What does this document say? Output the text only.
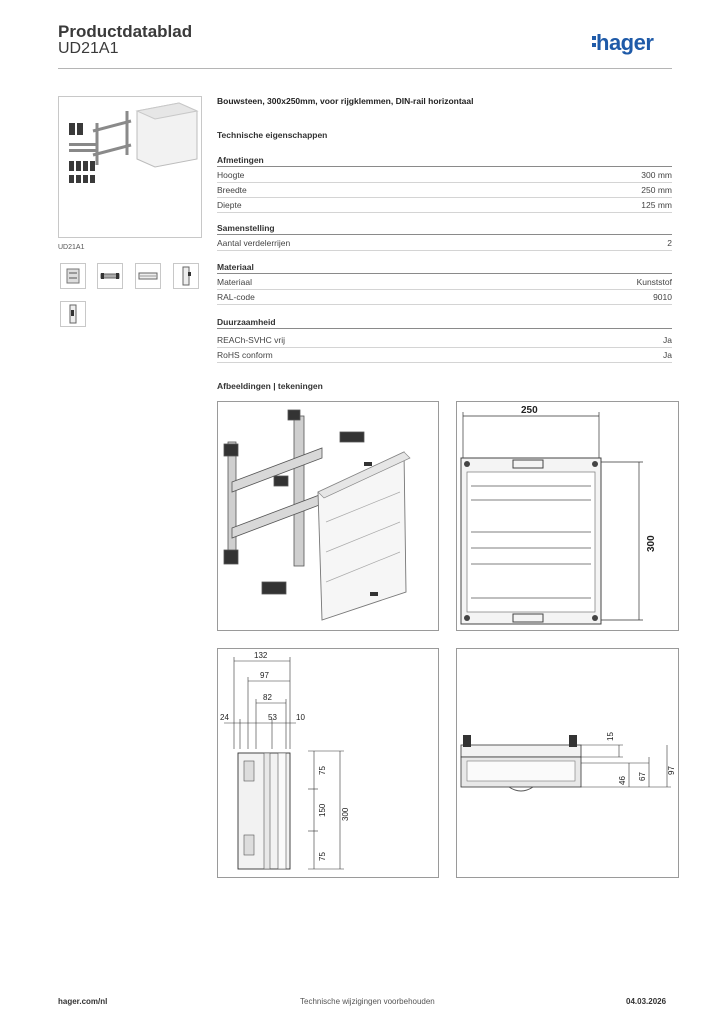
Productdatablad
UD21A1	hager
UD21A1
Bouwsteen, 300x250mm, voor rijgklemmen, DIN-rail horizontaal
Technische eigenschappen
Afmetingen
Hoogte	300 mm
Breedte	250 mm
Diepte	125 mm
Samenstelling
Aantal verdelerrijen	2
Materiaal
Materiaal	Kunststof
RAL-code	9010
Duurzaamheid
REACh-SVHC vrij	Ja
RoHS conform	Ja
Afbeeldingen | tekeningen
250
300
132
97
82
24	53 10
75
150
75
300
15
46 67
97
hager.com/nl	Technische wijzigingen voorbehouden	04.03.2026
